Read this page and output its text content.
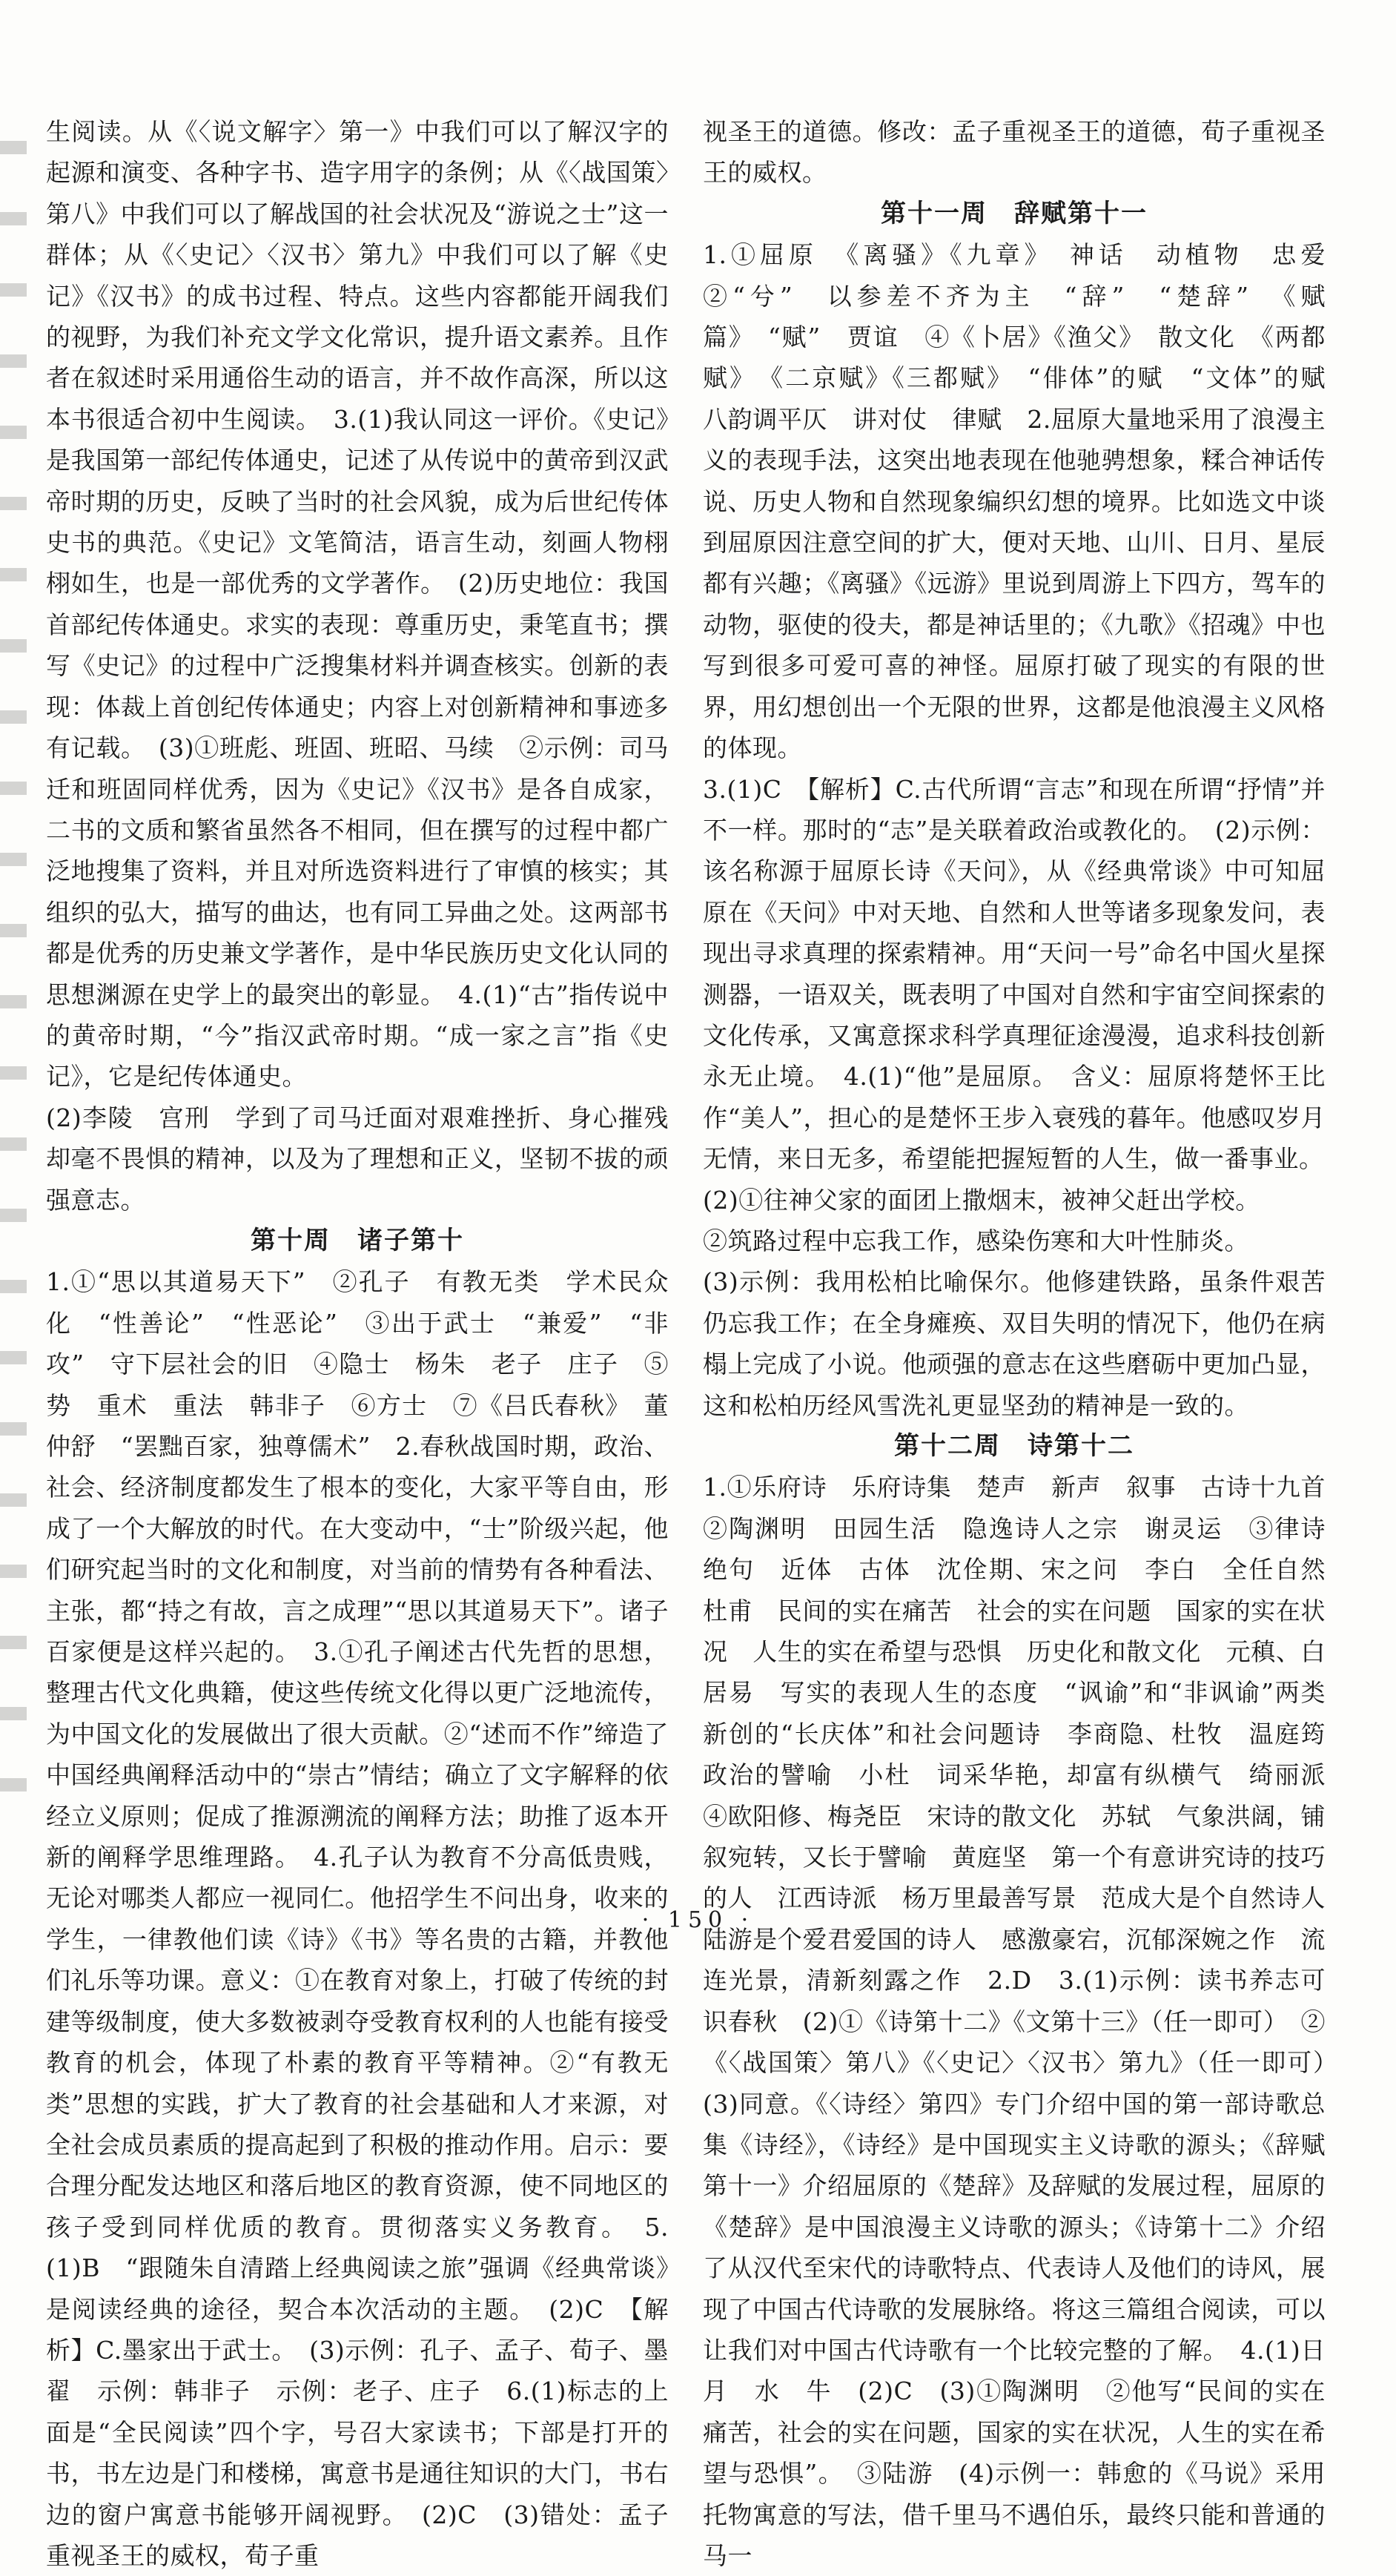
生阅读。从《〈说文解字〉第一》中我们可以了解汉字的起源和演变、各种字书、造字用字的条例；从《〈战国策〉第八》中我们可以了解战国的社会状况及“游说之士”这一群体；从《〈史记〉〈汉书〉第九》中我们可以了解《史记》《汉书》的成书过程、特点。这些内容都能开阔我们的视野，为我们补充文学文化常识，提升语文素养。且作者在叙述时采用通俗生动的语言，并不故作高深，所以这本书很适合初中生阅读。　3.(1)我认同这一评价。《史记》是我国第一部纪传体通史，记述了从传说中的黄帝到汉武帝时期的历史，反映了当时的社会风貌，成为后世纪传体史书的典范。《史记》文笔简洁，语言生动，刻画人物栩栩如生，也是一部优秀的文学著作。　(2)历史地位：我国首部纪传体通史。求实的表现：尊重历史，秉笔直书；撰写《史记》的过程中广泛搜集材料并调查核实。创新的表现：体裁上首创纪传体通史；内容上对创新精神和事迹多有记载。　(3)①班彪、班固、班昭、马续　②示例：司马迁和班固同样优秀，因为《史记》《汉书》是各自成家，二书的文质和繁省虽然各不相同，但在撰写的过程中都广泛地搜集了资料，并且对所选资料进行了审慎的核实；其组织的弘大，描写的曲达，也有同工异曲之处。这两部书都是优秀的历史兼文学著作，是中华民族历史文化认同的思想渊源在史学上的最突出的彰显。　4.(1)“古”指传说中的黄帝时期，“今”指汉武帝时期。“成一家之言”指《史记》，它是纪传体通史。

(2)李陵　宫刑　学到了司马迁面对艰难挫折、身心摧残却毫不畏惧的精神，以及为了理想和正义，坚韧不拔的顽强意志。

第十周　诸子第十

1.①“思以其道易天下”　②孔子　有教无类　学术民众化　“性善论”　“性恶论”　③出于武士　“兼爱”　“非攻”　守下层社会的旧　④隐士　杨朱　老子　庄子　⑤势　重术　重法　韩非子　⑥方士　⑦《吕氏春秋》　董仲舒　“罢黜百家，独尊儒术”　2.春秋战国时期，政治、社会、经济制度都发生了根本的变化，大家平等自由，形成了一个大解放的时代。在大变动中，“士”阶级兴起，他们研究起当时的文化和制度，对当前的情势有各种看法、主张，都“持之有故，言之成理”“思以其道易天下”。诸子百家便是这样兴起的。　3.①孔子阐述古代先哲的思想，整理古代文化典籍，使这些传统文化得以更广泛地流传，为中国文化的发展做出了很大贡献。②“述而不作”缔造了中国经典阐释活动中的“崇古”情结；确立了文字解释的依经立义原则；促成了推源溯流的阐释方法；助推了返本开新的阐释学思维理路。　4.孔子认为教育不分高低贵贱，无论对哪类人都应一视同仁。他招学生不问出身，收来的学生，一律教他们读《诗》《书》等名贵的古籍，并教他们礼乐等功课。意义：①在教育对象上，打破了传统的封建等级制度，使大多数被剥夺受教育权利的人也能有接受教育的机会，体现了朴素的教育平等精神。②“有教无类”思想的实践，扩大了教育的社会基础和人才来源，对全社会成员素质的提高起到了积极的推动作用。启示：要合理分配发达地区和落后地区的教育资源，使不同地区的孩子受到同样优质的教育。贯彻落实义务教育。　5.(1)B　“跟随朱自清踏上经典阅读之旅”强调《经典常谈》是阅读经典的途径，契合本次活动的主题。　(2)C　【解析】C.墨家出于武士。　(3)示例：孔子、孟子、荀子、墨翟　示例：韩非子　示例：老子、庄子　6.(1)标志的上面是“全民阅读”四个字，号召大家读书；下部是打开的书，书左边是门和楼梯，寓意书是通往知识的大门，书右边的窗户寓意书能够开阔视野。　(2)C　(3)错处：孟子重视圣王的威权，荀子重

视圣王的道德。修改：孟子重视圣王的道德，荀子重视圣王的威权。

第十一周　辞赋第十一

1.①屈原　《离骚》《九章》　神话　动植物　忠爱　②“兮”　以参差不齐为主　“辞”　“楚辞”　《赋篇》　“赋”　贾谊　④《卜居》《渔父》　散文化　《两都赋》　《二京赋》《三都赋》　“俳体”的赋　“文体”的赋　八韵调平仄　讲对仗　律赋　2.屈原大量地采用了浪漫主义的表现手法，这突出地表现在他驰骋想象，糅合神话传说、历史人物和自然现象编织幻想的境界。比如选文中谈到屈原因注意空间的扩大，便对天地、山川、日月、星辰都有兴趣；《离骚》《远游》里说到周游上下四方，驾车的动物，驱使的役夫，都是神话里的；《九歌》《招魂》中也写到很多可爱可喜的神怪。屈原打破了现实的有限的世界，用幻想创出一个无限的世界，这都是他浪漫主义风格的体现。

3.(1)C　【解析】C.古代所谓“言志”和现在所谓“抒情”并不一样。那时的“志”是关联着政治或教化的。　(2)示例：该名称源于屈原长诗《天问》，从《经典常谈》中可知屈原在《天问》中对天地、自然和人世等诸多现象发问，表现出寻求真理的探索精神。用“天问一号”命名中国火星探测器，一语双关，既表明了中国对自然和宇宙空间探索的文化传承，又寓意探求科学真理征途漫漫，追求科技创新永无止境。　4.(1)“他”是屈原。　含义：屈原将楚怀王比作“美人”，担心的是楚怀王步入衰残的暮年。他感叹岁月无情，来日无多，希望能把握短暂的人生，做一番事业。

(2)①往神父家的面团上撒烟末，被神父赶出学校。

②筑路过程中忘我工作，感染伤寒和大叶性肺炎。

(3)示例：我用松柏比喻保尔。他修建铁路，虽条件艰苦仍忘我工作；在全身瘫痪、双目失明的情况下，他仍在病榻上完成了小说。他顽强的意志在这些磨砺中更加凸显，这和松柏历经风雪洗礼更显坚劲的精神是一致的。

第十二周　诗第十二

1.①乐府诗　乐府诗集　楚声　新声　叙事　古诗十九首　②陶渊明　田园生活　隐逸诗人之宗　谢灵运　③律诗　绝句　近体　古体　沈佺期、宋之问　李白　全任自然　杜甫　民间的实在痛苦　社会的实在问题　国家的实在状况　人生的实在希望与恐惧　历史化和散文化　元稹、白居易　写实的表现人生的态度　“讽谕”和“非讽谕”两类　新创的“长庆体”和社会问题诗　李商隐、杜牧　温庭筠　政治的譬喻　小杜　词采华艳，却富有纵横气　绮丽派　④欧阳修、梅尧臣　宋诗的散文化　苏轼　气象洪阔，铺叙宛转，又长于譬喻　黄庭坚　第一个有意讲究诗的技巧的人　江西诗派　杨万里最善写景　范成大是个自然诗人　陆游是个爱君爱国的诗人　感激豪宕，沉郁深婉之作　流连光景，清新刻露之作　2.D　3.(1)示例：读书养志可识春秋　(2)①《诗第十二》《文第十三》（任一即可）　②《〈战国策〉第八》《〈史记〉〈汉书〉第九》（任一即可）　(3)同意。《〈诗经〉第四》专门介绍中国的第一部诗歌总集《诗经》，《诗经》是中国现实主义诗歌的源头；《辞赋第十一》介绍屈原的《楚辞》及辞赋的发展过程，屈原的《楚辞》是中国浪漫主义诗歌的源头；《诗第十二》介绍了从汉代至宋代的诗歌特点、代表诗人及他们的诗风，展现了中国古代诗歌的发展脉络。将这三篇组合阅读，可以让我们对中国古代诗歌有一个比较完整的了解。　4.(1)日　月　水　牛　(2)C　(3)①陶渊明　②他写“民间的实在痛苦，社会的实在问题，国家的实在状况，人生的实在希望与恐惧”。　③陆游　(4)示例一：韩愈的《马说》采用托物寓意的写法，借千里马不遇伯乐，最终只能和普通的马一

· 150 ·
